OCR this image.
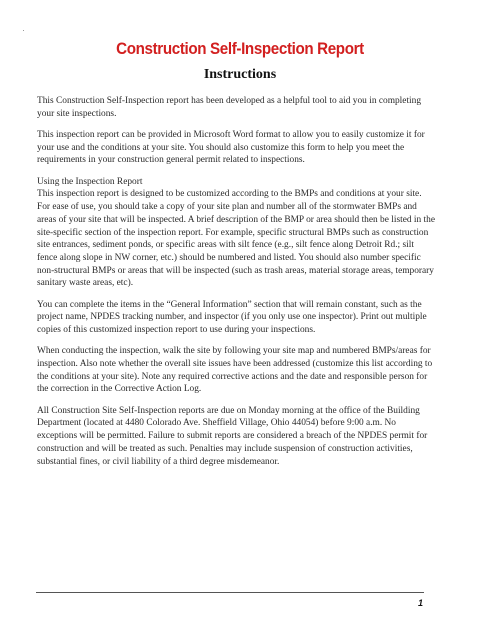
Construction Self-Inspection Report
Instructions

This Construction Self-Inspection report has been developed as a helpful tool to aid you in completing your site inspections.

This inspection report can be provided in Microsoft Word format to allow you to easily customize it for your use and the conditions at your site. You should also customize this form to help you meet the requirements in your construction general permit related to inspections.

Using the Inspection Report

This inspection report is designed to be customized according to the BMPs and conditions at your site. For ease of use, you should take a copy of your site plan and number all of the stormwater BMPs and areas of your site that will be inspected. A brief description of the BMP or area should then be listed in the site-specific section of the inspection report. For example, specific structural BMPs such as construction site entrances, sediment ponds, or specific areas with silt fence (e.g., silt fence along Detroit Rd.; silt fence along slope in NW corner, etc.) should be numbered and listed. You should also number specific non-structural BMPs or areas that will be inspected (such as trash areas, material storage areas, temporary sanitary waste areas, etc).

You can complete the items in the “General Information” section that will remain constant, such as the project name, NPDES tracking number, and inspector (if you only use one inspector). Print out multiple copies of this customized inspection report to use during your inspections.

When conducting the inspection, walk the site by following your site map and numbered BMPs/areas for inspection. Also note whether the overall site issues have been addressed (customize this list according to the conditions at your site). Note any required corrective actions and the date and responsible person for the correction in the Corrective Action Log.

All Construction Site Self-Inspection reports are due on Monday morning at the office of the Building Department (located at 4480 Colorado Ave. Sheffield Village, Ohio 44054) before 9:00 a.m. No exceptions will be permitted. Failure to submit reports are considered a breach of the NPDES permit for construction and will be treated as such. Penalties may include suspension of construction activities, substantial fines, or civil liability of a third degree misdemeanor.

1
